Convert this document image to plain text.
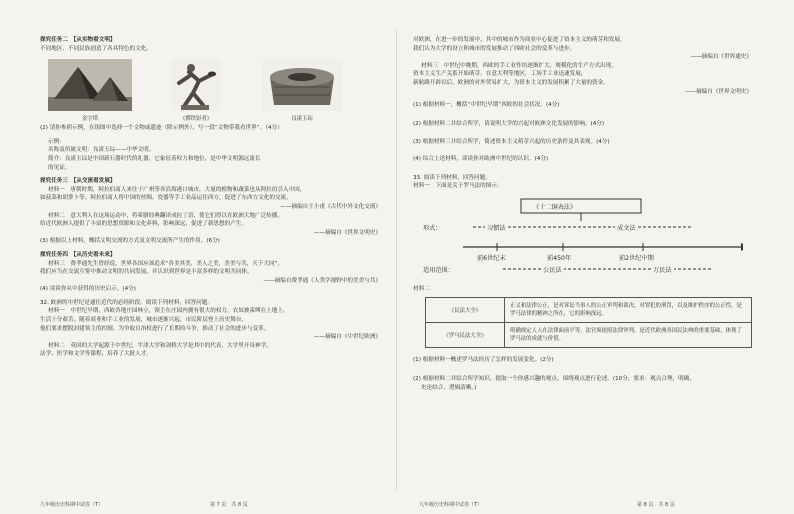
探究任务二　【从实物看文明】
不同地区、不同民族创造了各具特色的文化。
金字塔	《掷铁饼者》	良渚玉琮
(2) 请你参照示例，在组图中选择一个文物或遗迹（除示例外），写一段“文物带我看世界”。（4分）
示例：
名称及所属文明：良渚玉琮——中华文明。
简介：良渚玉琮是中国新石器时代的礼器，它象征着权力和地位，是中华文明源远流长
的见证。
探究任务三　【从交流看发展】
材料一　唐朝时期，阿拉伯商人来往于广州等各沿海港口城市，大量的植物和蔬菜也从阿拉伯引入中国，
如菠菜和胡萝卜等。阿拉伯商人将中国的丝绸、瓷器等手工业品运往西方，促进了东西方文化的交流。
——摘编自王小甫《古代中外文化交流》
材料二　意大利人在这场运动中，将希腊经典翻译成拉丁语，使它们得以在欧洲大地广泛传播，
给近代欧洲人提供了丰富的思想资源和文化养料，影响深远，促进了新思想的产生。
——摘编自《世界文明史》
(3) 根据以上材料，概括文明交流的方式及文明交流所产生的作用。(6分)
探究任务四　【从历史看未来】
材料三　费孝通先生曾经说，世界各国应该追求“各美其美，美人之美，美美与共，天下大同”。
我们应当在交流互鉴中推动文明的共同发展，并认识到世界是丰富多样的文明共同体。
——摘编自费孝通《人类学视野中的美美与共》
(4) 谈谈你从中获得的历史启示。(4分)
32. 欧洲的中世纪是通往近代的必经阶段。阅读下列材料，回答问题。
材料一　中世纪早期，西欧各地庄园林立，领主在庄园内拥有很大的权力，农奴被束缚在土地上，
生活十分艰苦。随着商业和手工业的发展，城市逐渐兴起，市民阶层登上历史舞台，
他们要求摆脱封建领主的控制，为争取自治权进行了长期的斗争，推动了社会的进步与变革。
——摘编自《中世纪欧洲》
材料二　英国的大学起源于中世纪，牛津大学和剑桥大学是其中的代表，大学里开设神学、
法学、医学和文学等课程，培养了大批人才。
九年级历史科期中试卷（T）	第 7 页　共 8 页
对欧洲，在进一步的发展中，其中的城市作为商业中心促进了资本主义的萌芽和发展，
我们认为大学的设立和城市的发展推动了西欧社会的变革与进步。
——摘编自《世界通史》
材料三　中世纪中晚期，西欧的手工业作坊逐渐扩大，规模化的生产方式出现，
资本主义生产关系开始萌芽。在意大利等地区，工场手工业迅速发展，
新航路开辟以后，欧洲的对外贸易扩大，为资本主义的发展积累了大量的资金。
——摘编自《世界文明史》
(1) 根据材料一，概括“中世纪早期”西欧的社会状况。(4分)
(2) 根据材料二并结合所学，请说明大学的兴起对欧洲文化发展的影响。(4分)
(3) 根据材料三并结合所学，简述资本主义萌芽兴起的历史条件及其表现。(4分)
(4) 综合上述材料，谈谈你对欧洲中世纪的认识。(4分)
33. 阅读下列材料，回答问题。
材料一　下面是关于罗马法的图示：
《十二铜表法》
形式：	习惯法	成文法
前6世纪末	前450年	前2世纪中期
适用范围：	公民法	万民法
材料二
《民法大全》
正义和法律公正，是对诉讼当事人的公正审判和裁决，对罪犯的刑罚，以及维护秩序的公正性，是罗马法律的精神之所在，它的影响深远。
《罗马民法大全》
明确规定人人在法律面前平等，法官须依照法律审判，是近代欧洲各国民法典的重要基础，体现了罗马法的成就与价值。
(1) 根据材料一概述罗马法经历了怎样的发展变化。(2分)
(2) 根据材料二并结合所学知识，提取一个你感兴趣的观点，围绕观点进行论述。(10分，要求：观点合理，明确，
史论结合，逻辑清晰。)
九年级历史科期中试卷（T）	第 8 页　共 8 页
